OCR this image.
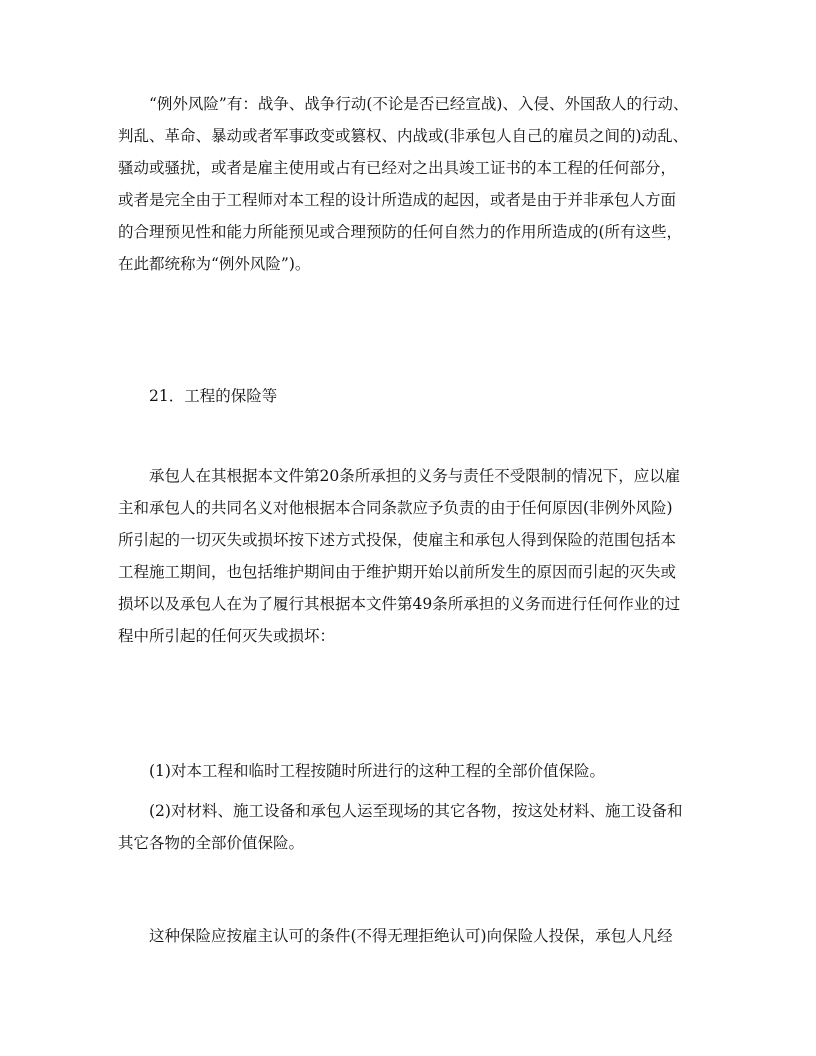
“例外风险”有：战争、战争行动(不论是否已经宣战)、入侵、外国敌人的行动、
判乱、革命、暴动或者军事政变或篡权、内战或(非承包人自己的雇员之间的)动乱、
骚动或骚扰，或者是雇主使用或占有已经对之出具竣工证书的本工程的任何部分，
或者是完全由于工程师对本工程的设计所造成的起因，或者是由于并非承包人方面
的合理预见性和能力所能预见或合理预防的任何自然力的作用所造成的(所有这些，
在此都统称为“例外风险”)。
21．工程的保险等
承包人在其根据本文件第20条所承担的义务与责任不受限制的情况下，应以雇
主和承包人的共同名义对他根据本合同条款应予负责的由于任何原因(非例外风险)
所引起的一切灭失或损坏按下述方式投保，使雇主和承包人得到保险的范围包括本
工程施工期间，也包括维护期间由于维护期开始以前所发生的原因而引起的灭失或
损坏以及承包人在为了履行其根据本文件第49条所承担的义务而进行任何作业的过
程中所引起的任何灭失或损坏：
(1)对本工程和临时工程按随时所进行的这种工程的全部价值保险。
(2)对材料、施工设备和承包人运至现场的其它各物，按这处材料、施工设备和
其它各物的全部价值保险。
这种保险应按雇主认可的条件(不得无理拒绝认可)向保险人投保，承包人凡经
